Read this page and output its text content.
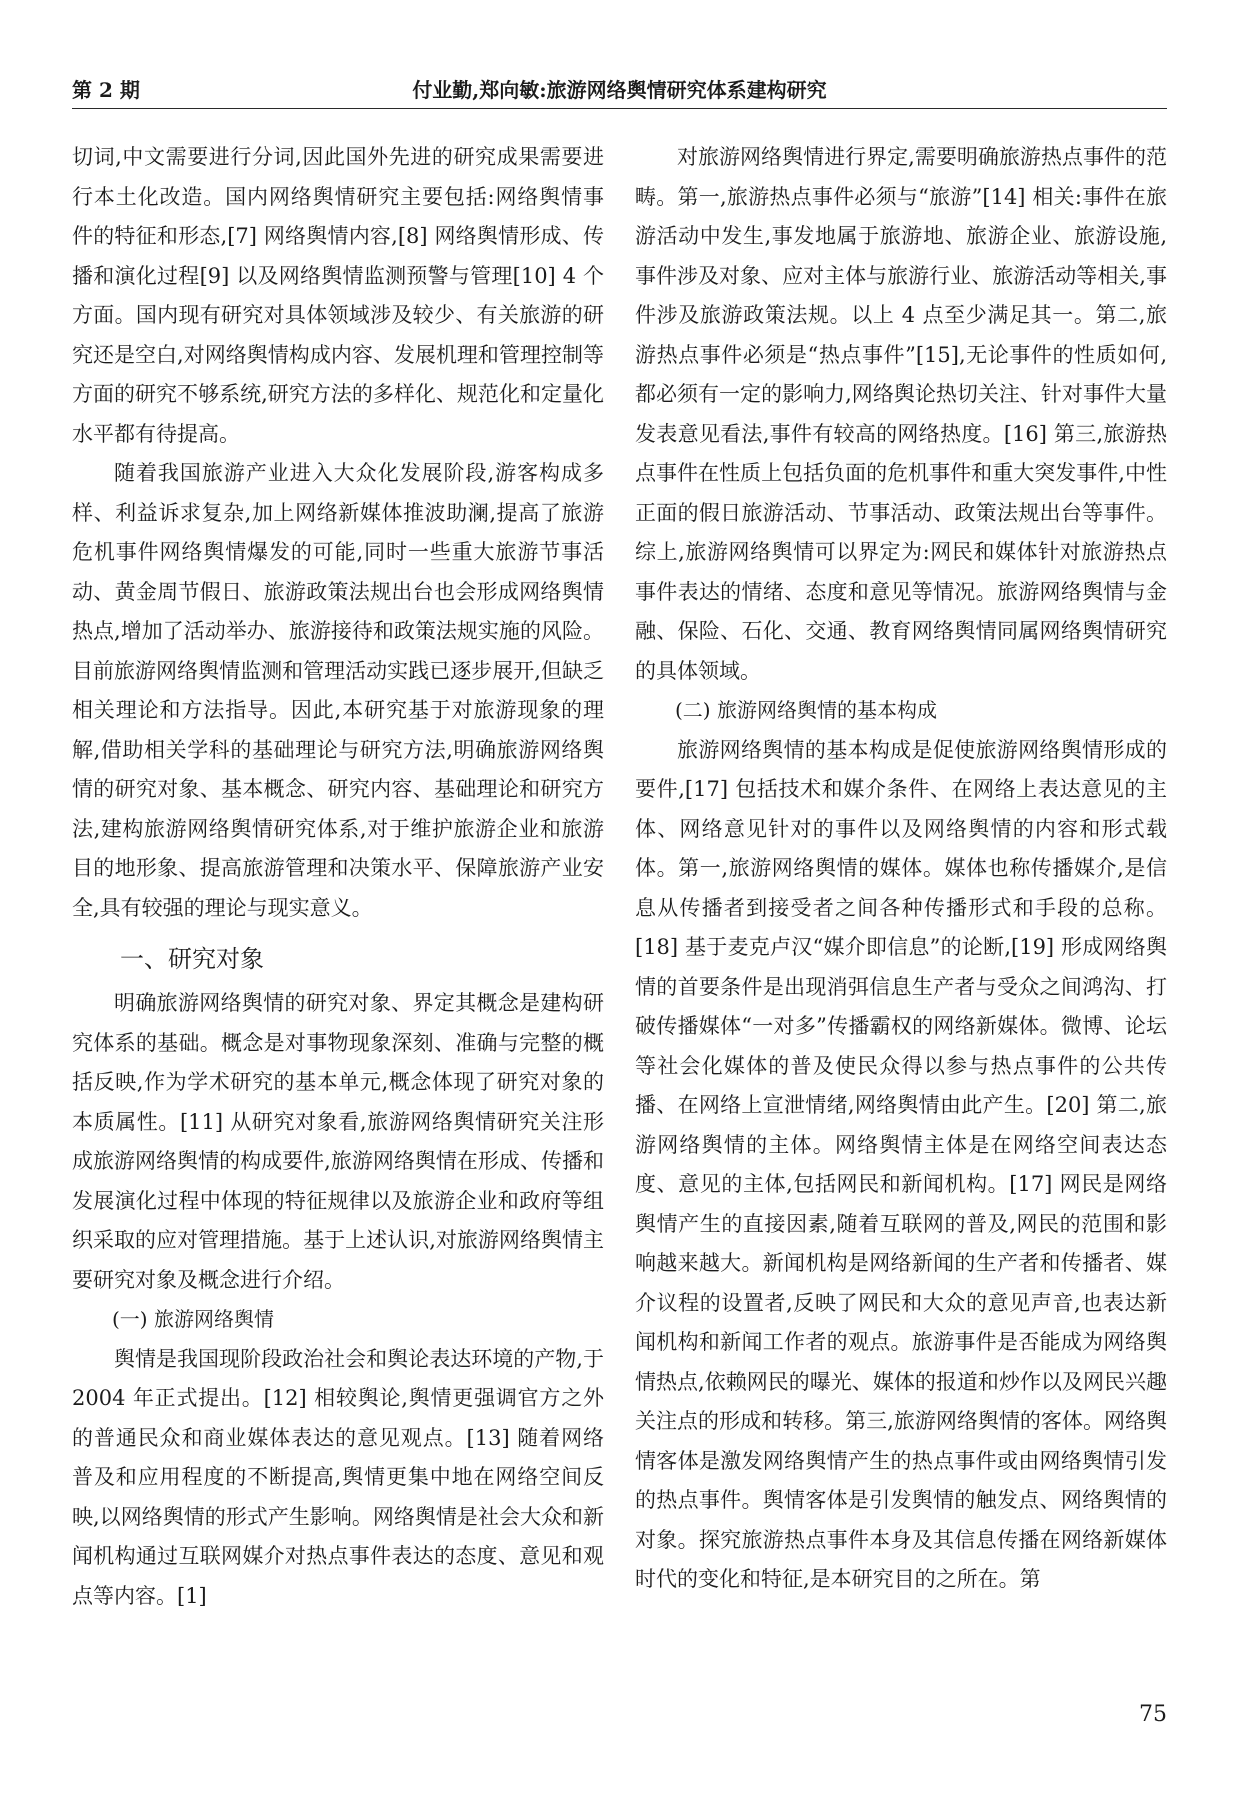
第 2 期	付业勤,郑向敏:旅游网络舆情研究体系建构研究

切词,中文需要进行分词,因此国外先进的研究成果需要进行本土化改造。国内网络舆情研究主要包括:网络舆情事件的特征和形态,[7] 网络舆情内容,[8] 网络舆情形成、传播和演化过程[9] 以及网络舆情监测预警与管理[10] 4 个方面。国内现有研究对具体领域涉及较少、有关旅游的研究还是空白,对网络舆情构成内容、发展机理和管理控制等方面的研究不够系统,研究方法的多样化、规范化和定量化水平都有待提高。

随着我国旅游产业进入大众化发展阶段,游客构成多样、利益诉求复杂,加上网络新媒体推波助澜,提高了旅游危机事件网络舆情爆发的可能,同时一些重大旅游节事活动、黄金周节假日、旅游政策法规出台也会形成网络舆情热点,增加了活动举办、旅游接待和政策法规实施的风险。目前旅游网络舆情监测和管理活动实践已逐步展开,但缺乏相关理论和方法指导。因此,本研究基于对旅游现象的理解,借助相关学科的基础理论与研究方法,明确旅游网络舆情的研究对象、基本概念、研究内容、基础理论和研究方法,建构旅游网络舆情研究体系,对于维护旅游企业和旅游目的地形象、提高旅游管理和决策水平、保障旅游产业安全,具有较强的理论与现实意义。

一、研究对象

明确旅游网络舆情的研究对象、界定其概念是建构研究体系的基础。概念是对事物现象深刻、准确与完整的概括反映,作为学术研究的基本单元,概念体现了研究对象的本质属性。[11] 从研究对象看,旅游网络舆情研究关注形成旅游网络舆情的构成要件,旅游网络舆情在形成、传播和发展演化过程中体现的特征规律以及旅游企业和政府等组织采取的应对管理措施。基于上述认识,对旅游网络舆情主要研究对象及概念进行介绍。

(一) 旅游网络舆情

舆情是我国现阶段政治社会和舆论表达环境的产物,于 2004 年正式提出。[12] 相较舆论,舆情更强调官方之外的普通民众和商业媒体表达的意见观点。[13] 随着网络普及和应用程度的不断提高,舆情更集中地在网络空间反映,以网络舆情的形式产生影响。网络舆情是社会大众和新闻机构通过互联网媒介对热点事件表达的态度、意见和观点等内容。[1]

对旅游网络舆情进行界定,需要明确旅游热点事件的范畴。第一,旅游热点事件必须与“旅游”[14] 相关:事件在旅游活动中发生,事发地属于旅游地、旅游企业、旅游设施,事件涉及对象、应对主体与旅游行业、旅游活动等相关,事件涉及旅游政策法规。以上 4 点至少满足其一。第二,旅游热点事件必须是“热点事件”[15],无论事件的性质如何,都必须有一定的影响力,网络舆论热切关注、针对事件大量发表意见看法,事件有较高的网络热度。[16] 第三,旅游热点事件在性质上包括负面的危机事件和重大突发事件,中性正面的假日旅游活动、节事活动、政策法规出台等事件。综上,旅游网络舆情可以界定为:网民和媒体针对旅游热点事件表达的情绪、态度和意见等情况。旅游网络舆情与金融、保险、石化、交通、教育网络舆情同属网络舆情研究的具体领域。

(二) 旅游网络舆情的基本构成

旅游网络舆情的基本构成是促使旅游网络舆情形成的要件,[17] 包括技术和媒介条件、在网络上表达意见的主体、网络意见针对的事件以及网络舆情的内容和形式载体。第一,旅游网络舆情的媒体。媒体也称传播媒介,是信息从传播者到接受者之间各种传播形式和手段的总称。[18] 基于麦克卢汉“媒介即信息”的论断,[19] 形成网络舆情的首要条件是出现消弭信息生产者与受众之间鸿沟、打破传播媒体“一对多”传播霸权的网络新媒体。微博、论坛等社会化媒体的普及使民众得以参与热点事件的公共传播、在网络上宣泄情绪,网络舆情由此产生。[20] 第二,旅游网络舆情的主体。网络舆情主体是在网络空间表达态度、意见的主体,包括网民和新闻机构。[17] 网民是网络舆情产生的直接因素,随着互联网的普及,网民的范围和影响越来越大。新闻机构是网络新闻的生产者和传播者、媒介议程的设置者,反映了网民和大众的意见声音,也表达新闻机构和新闻工作者的观点。旅游事件是否能成为网络舆情热点,依赖网民的曝光、媒体的报道和炒作以及网民兴趣关注点的形成和转移。第三,旅游网络舆情的客体。网络舆情客体是激发网络舆情产生的热点事件或由网络舆情引发的热点事件。舆情客体是引发舆情的触发点、网络舆情的对象。探究旅游热点事件本身及其信息传播在网络新媒体时代的变化和特征,是本研究目的之所在。第

75
